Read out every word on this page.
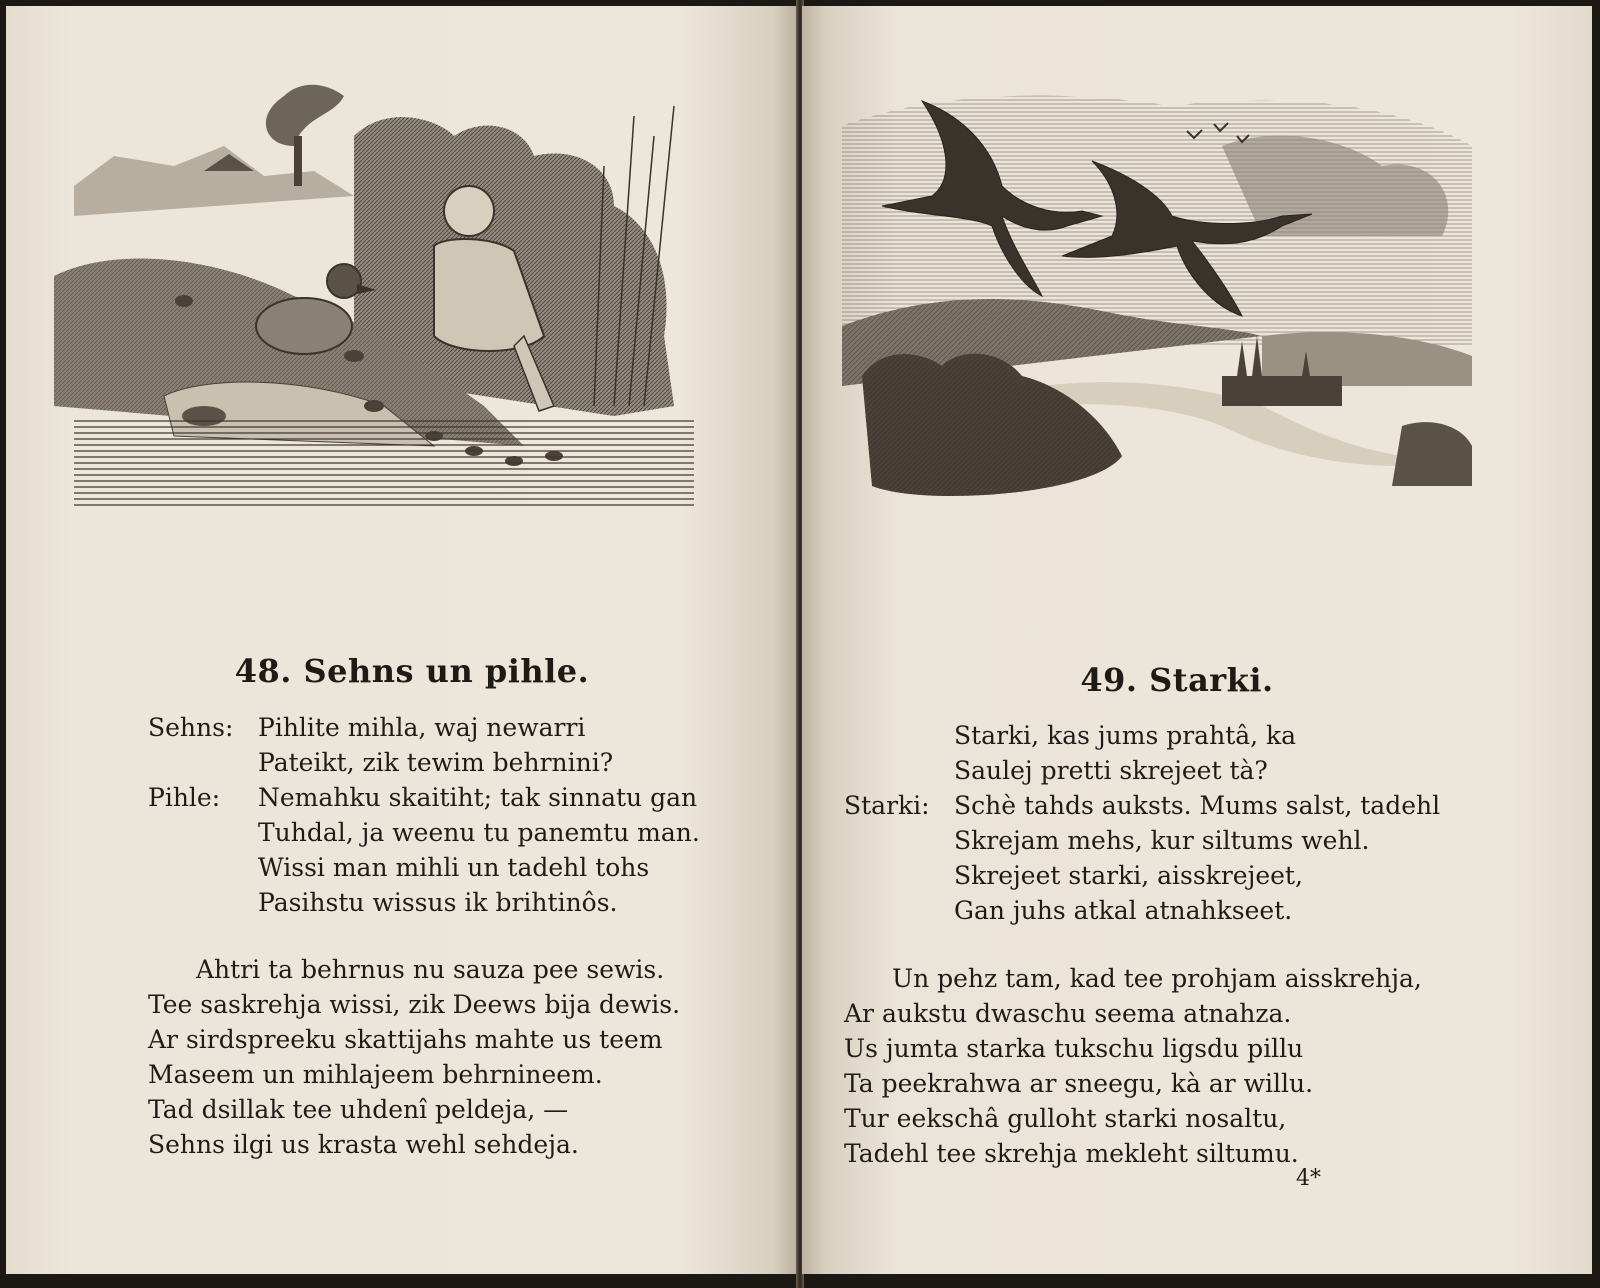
48. Sehns un pihle.
Sehns: Pihlite mihla, waj newarri
Pateikt, zik tewim behrnini?
Pihle: Nemahku skaitiht; tak sinnatu gan
Tuhdal, ja weenu tu panemtu man.
Wissi man mihli un tadehl tohs
Pasihstu wissus ik brihtinôs.
Ahtri ta behrnus nu sauza pee sewis.
Tee saskrehja wissi, zik Deews bija dewis.
Ar sirdspreeku skattijahs mahte us teem
Maseem un mihlajeem behrnineem.
Tad dsillak tee uhdenî peldeja, —
Sehns ilgi us krasta wehl sehdeja.
49. Starki.
Starki, kas jums prahtâ, ka
Saulej pretti skrejeet tà?
Starki: Schè tahds auksts. Mums salst, tadehl
Skrejam mehs, kur siltums wehl.
Skrejeet starki, aisskrejeet,
Gan juhs atkal atnahkseet.
Un pehz tam, kad tee prohjam aisskrehja,
Ar aukstu dwaschu seema atnahza.
Us jumta starka tukschu ligsdu pillu
Ta peekrahwa ar sneegu, kà ar willu.
Tur eekschâ gulloht starki nosaltu,
Tadehl tee skrehja mekleht siltumu.
4*
